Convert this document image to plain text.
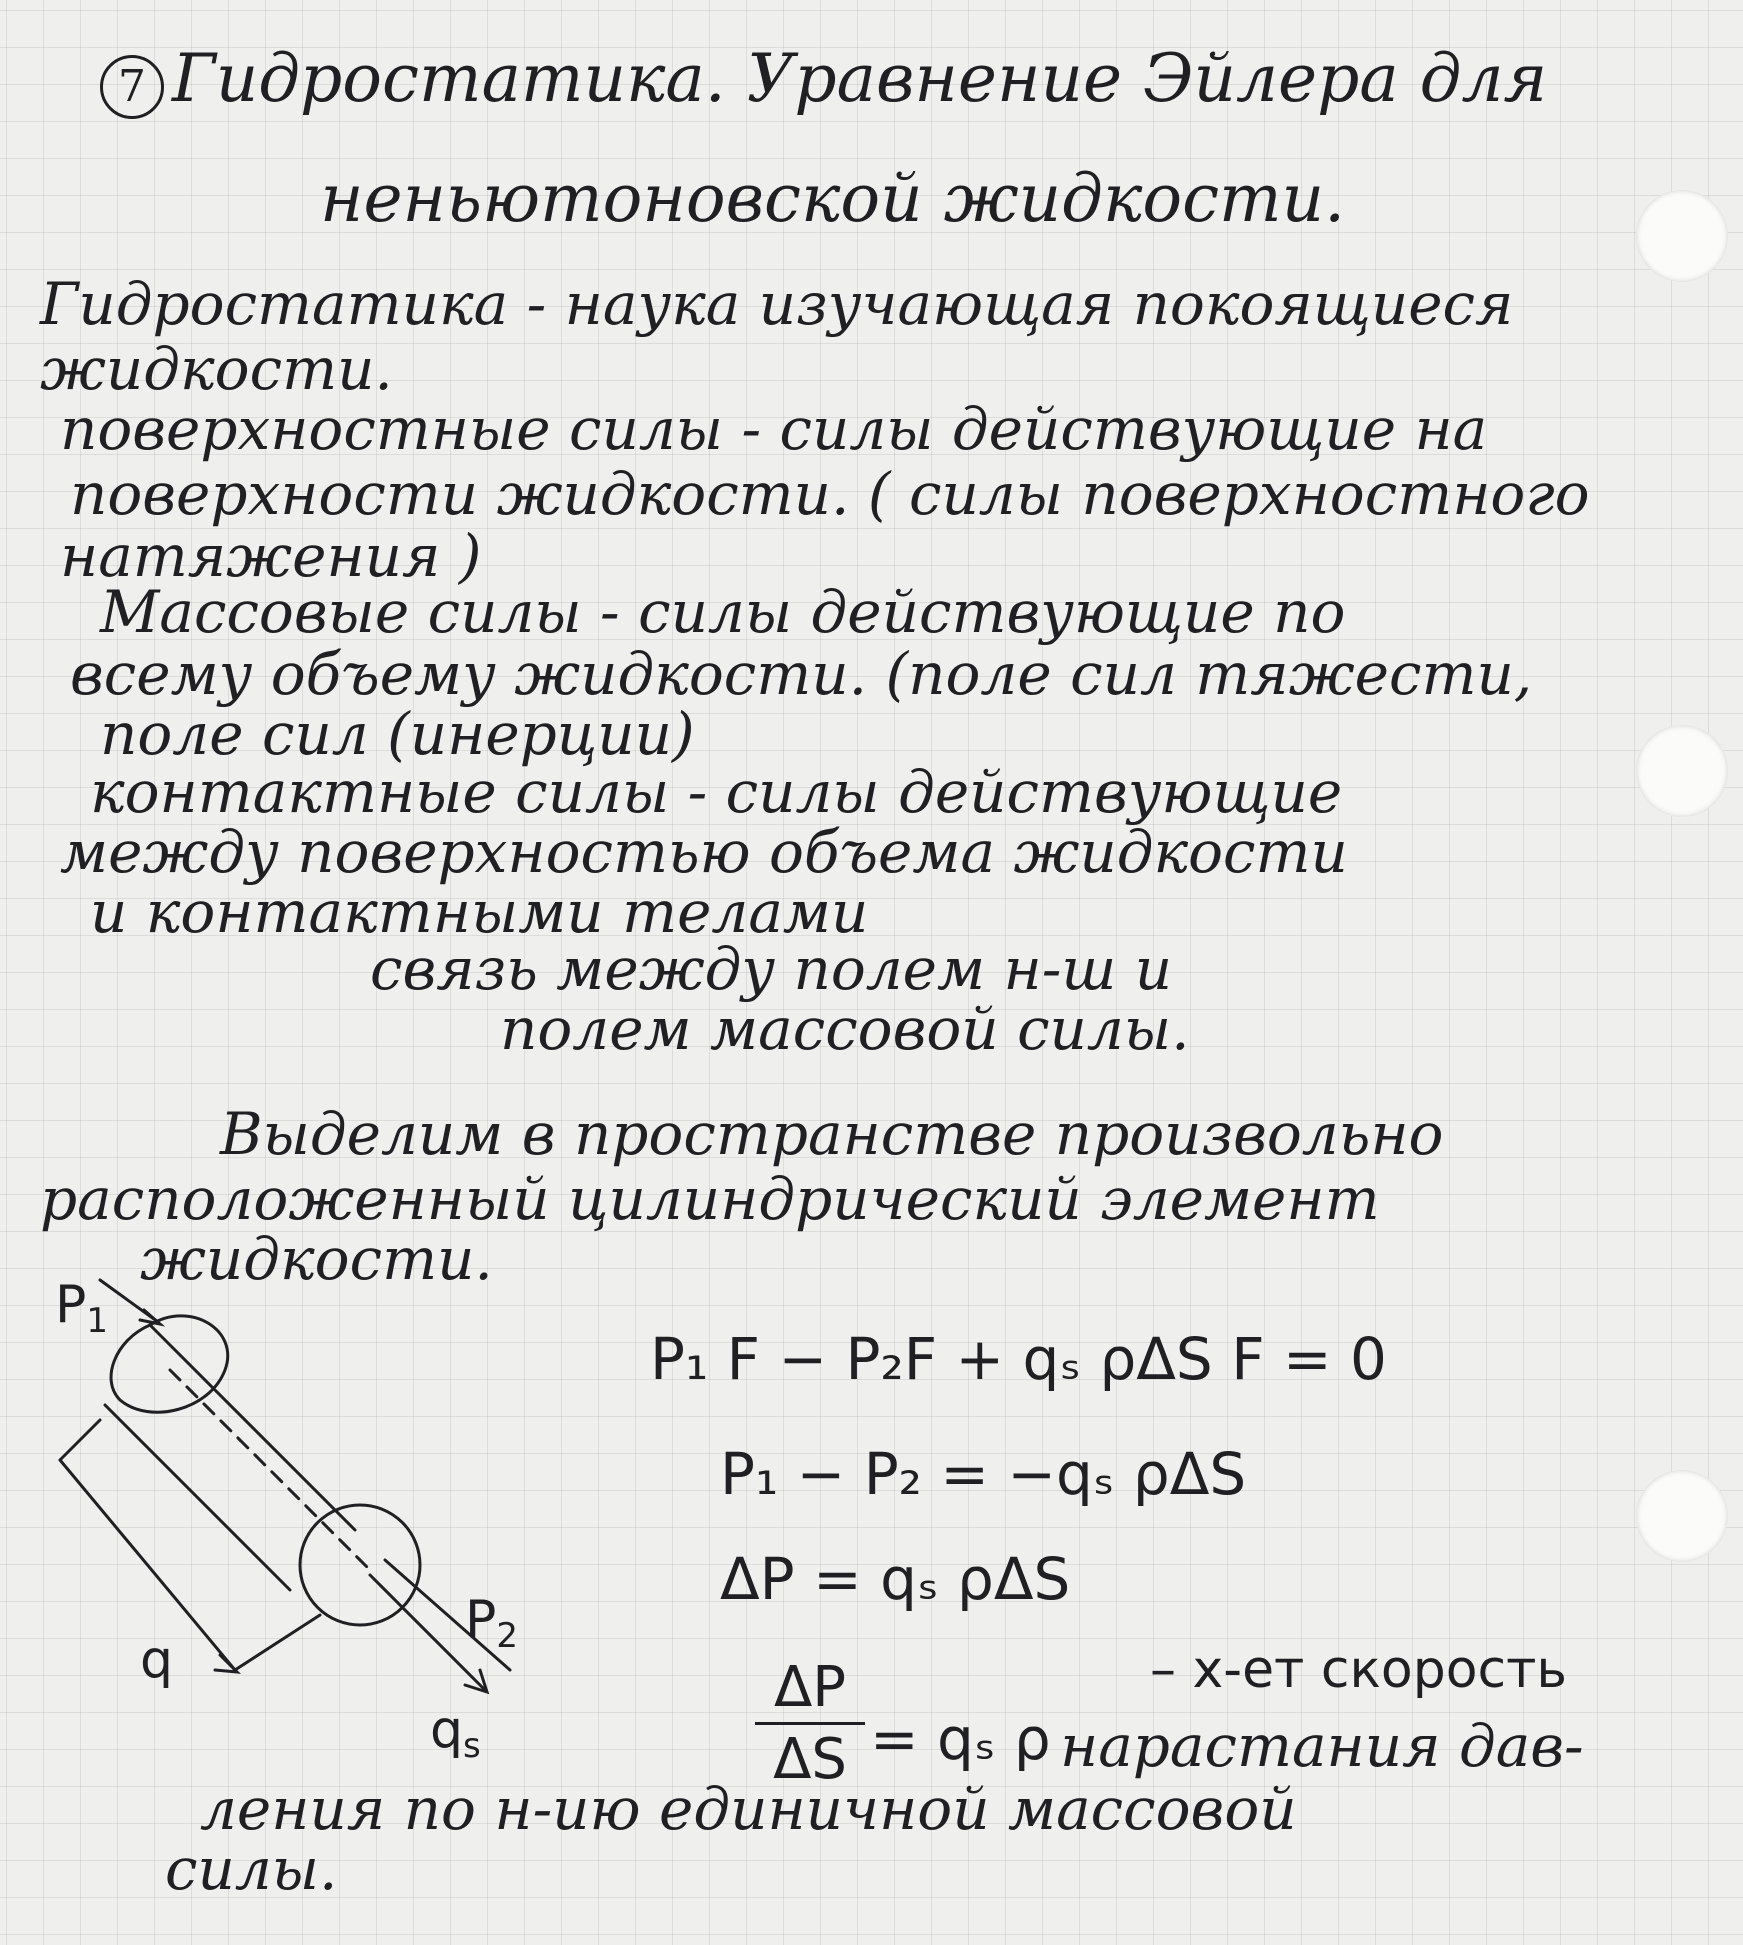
7 Гидростатика. Уравнение Эйлера для
неньютоновской жидкости.
Гидростатика - наука изучающая покоящиеся
жидкости.
поверхностные силы - силы действующие на
поверхности жидкости. ( силы поверхностного
натяжения )
Массовые силы - силы действующие по
всему объему жидкости. (поле сил тяжести,
поле сил (инерции)
контактные силы - силы действующие
между поверхностью объема жидкости
и контактными телами
связь между полем н-ш и
полем массовой силы.
Выделим в пространстве произвольно
расположенный цилиндрический элемент
жидкости.
$P_1$
$P_2$
q
$q_s$
P₁ F − P₂F + qₛ ρΔS F = 0
P₁ − P₂ = −qₛ ρΔS
ΔP = qₛ ρΔS
ΔP
ΔS = qₛ ρ
– х-ет скорость
нарастания дав-
ления по н-ию единичной массовой
силы.
